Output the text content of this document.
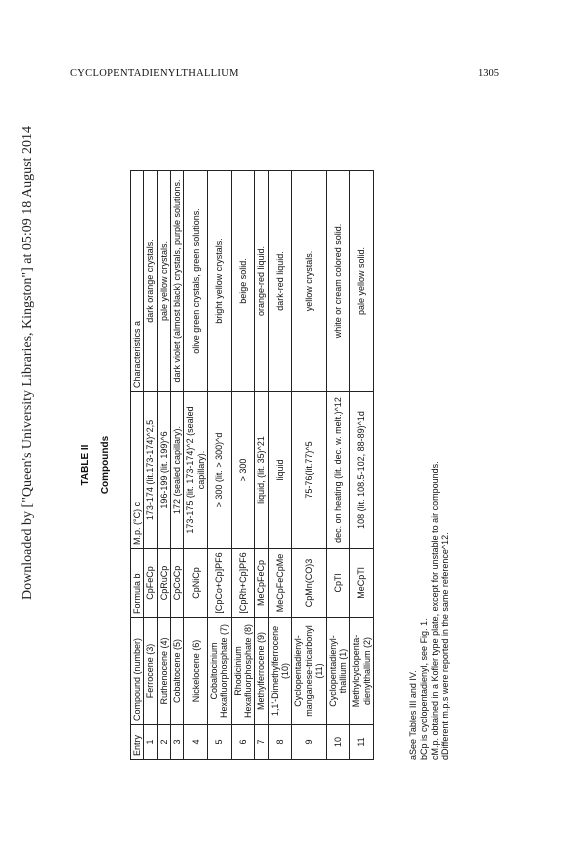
CYCLOPENTADIENYLTHALLIUM	1305
Downloaded by ["Queen's University Libraries, Kingston"] at 05:09 18 August 2014	TABLE II Compounds
Entry	Compound (number)	Formula b	M.p. (°C) c	Characteristics a
1	Ferrocene (3)	CpFeCp	173-174 (lit.173-174)^2,5	dark orange crystals.
2	Ruthenocene (4)	CpRuCp	196-199 (lit. 199)^6	pale yellow crystals.
3	Cobaltocene (5)	CpCoCp	172 (sealed capillary).	dark violet (almost black) crystals, purple solutions.
4	Nickelocene (6)	CpNiCp	173-175 (lit. 173-174)^2 (sealed capillary).	olive green crystals, green solutions.
5	Cobaltocinium Hexafluorphosphate (7)	[CpCo+Cp]PF6	> 300 (lit. > 300)^d	bright yellow crystals.
6	Rhodicinium Hexafluorphosphate (8)	[CpRh+Cp]PF6	> 300	beige solid.
7	Methylferrocene (9)	MeCpFeCp	liquid, (lit. 35)^21	orange-red liquid.
8	1,1'-Dimethylferrocene (10)	MeCpFeCpMe	liquid	dark-red liquid.
9	Cyclopentadienyl-manganese-tricarbonyl (11)	CpMn(CO)3	75-76(lit.77)^5	yellow crystals.
10	Cyclopentadienyl-thallium (1)	CpTl	dec. on heating (lit. dec. w. melt.)^12	white or cream colored solid.
11	Methylcyclopenta-dienylthallium (2)	MeCpTl	108 (lit. 108.5-102, 88-89)^1d	pale yellow solid.
aSee Tables III and IV. bCp is cyclopentadienyl, see Fig. 1. cM.p. obtained in a Kofler type plate, except for unstable to air compounds. dDifferent m.p.s were reported in the same reference^12.
